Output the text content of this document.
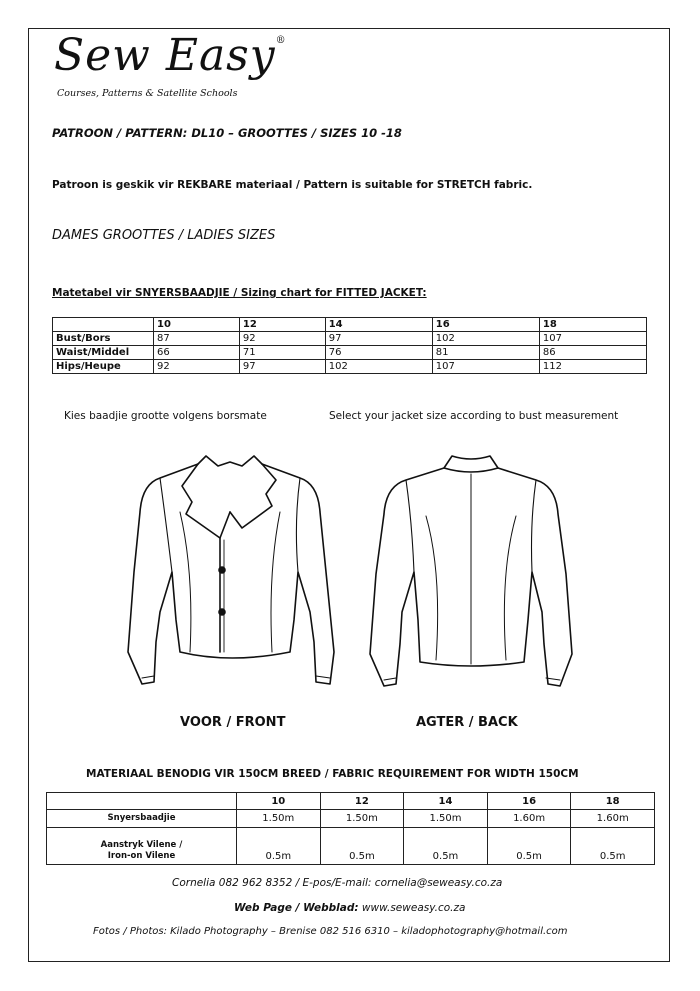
Sew Easy®
Courses, Patterns & Satellite Schools
PATROON / PATTERN: DL10 – GROOTTES / SIZES 10 -18
Patroon is geskik vir REKBARE materiaal / Pattern is suitable for STRETCH fabric.
DAMES GROOTTES / LADIES SIZES
Matetabel vir SNYERSBAADJIE / Sizing chart for FITTED JACKET:
	10	12	14	16	18
Bust/Bors	87	92	97	102	107
Waist/Middel	66	71	76	81	86
Hips/Heupe	92	97	102	107	112
Kies baadjie grootte volgens borsmate	Select your jacket size according to bust measurement
VOOR / FRONT	AGTER / BACK
MATERIAAL BENODIG VIR 150CM BREED / FABRIC REQUIREMENT FOR WIDTH 150CM
	10	12	14	16	18
Snyersbaadjie	1.50m	1.50m	1.50m	1.60m	1.60m
Aanstryk Vilene /
Iron-on Vilene	0.5m	0.5m	0.5m	0.5m	0.5m
Cornelia 082 962 8352 / E-pos/E-mail: cornelia@seweasy.co.za
Web Page / Webblad: www.seweasy.co.za
Fotos / Photos: Kilado Photography – Brenise 082 516 6310 – kiladophotography@hotmail.com
